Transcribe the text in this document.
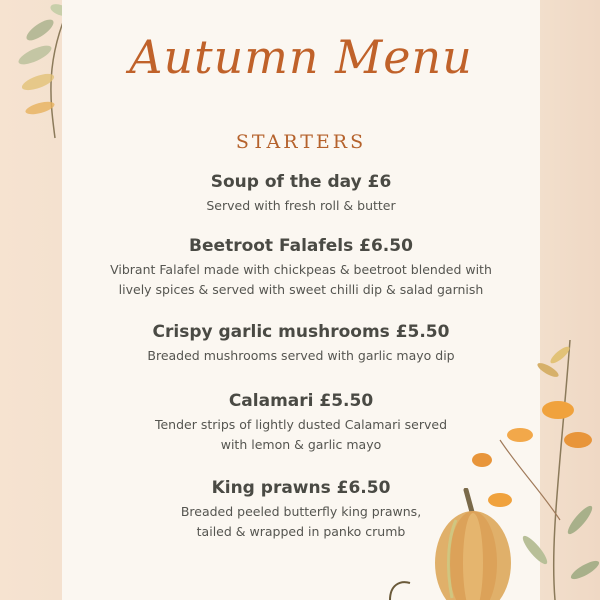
Autumn Menu
STARTERS
Soup of the day £6
Served with fresh roll & butter
Beetroot Falafels £6.50
Vibrant Falafel made with chickpeas & beetroot blended with
lively spices & served with sweet chilli dip & salad garnish
Crispy garlic mushrooms £5.50
Breaded mushrooms served with garlic mayo dip
Calamari £5.50
Tender strips of lightly dusted Calamari served
with lemon & garlic mayo
King prawns £6.50
Breaded peeled butterfly king prawns,
tailed & wrapped in panko crumb
